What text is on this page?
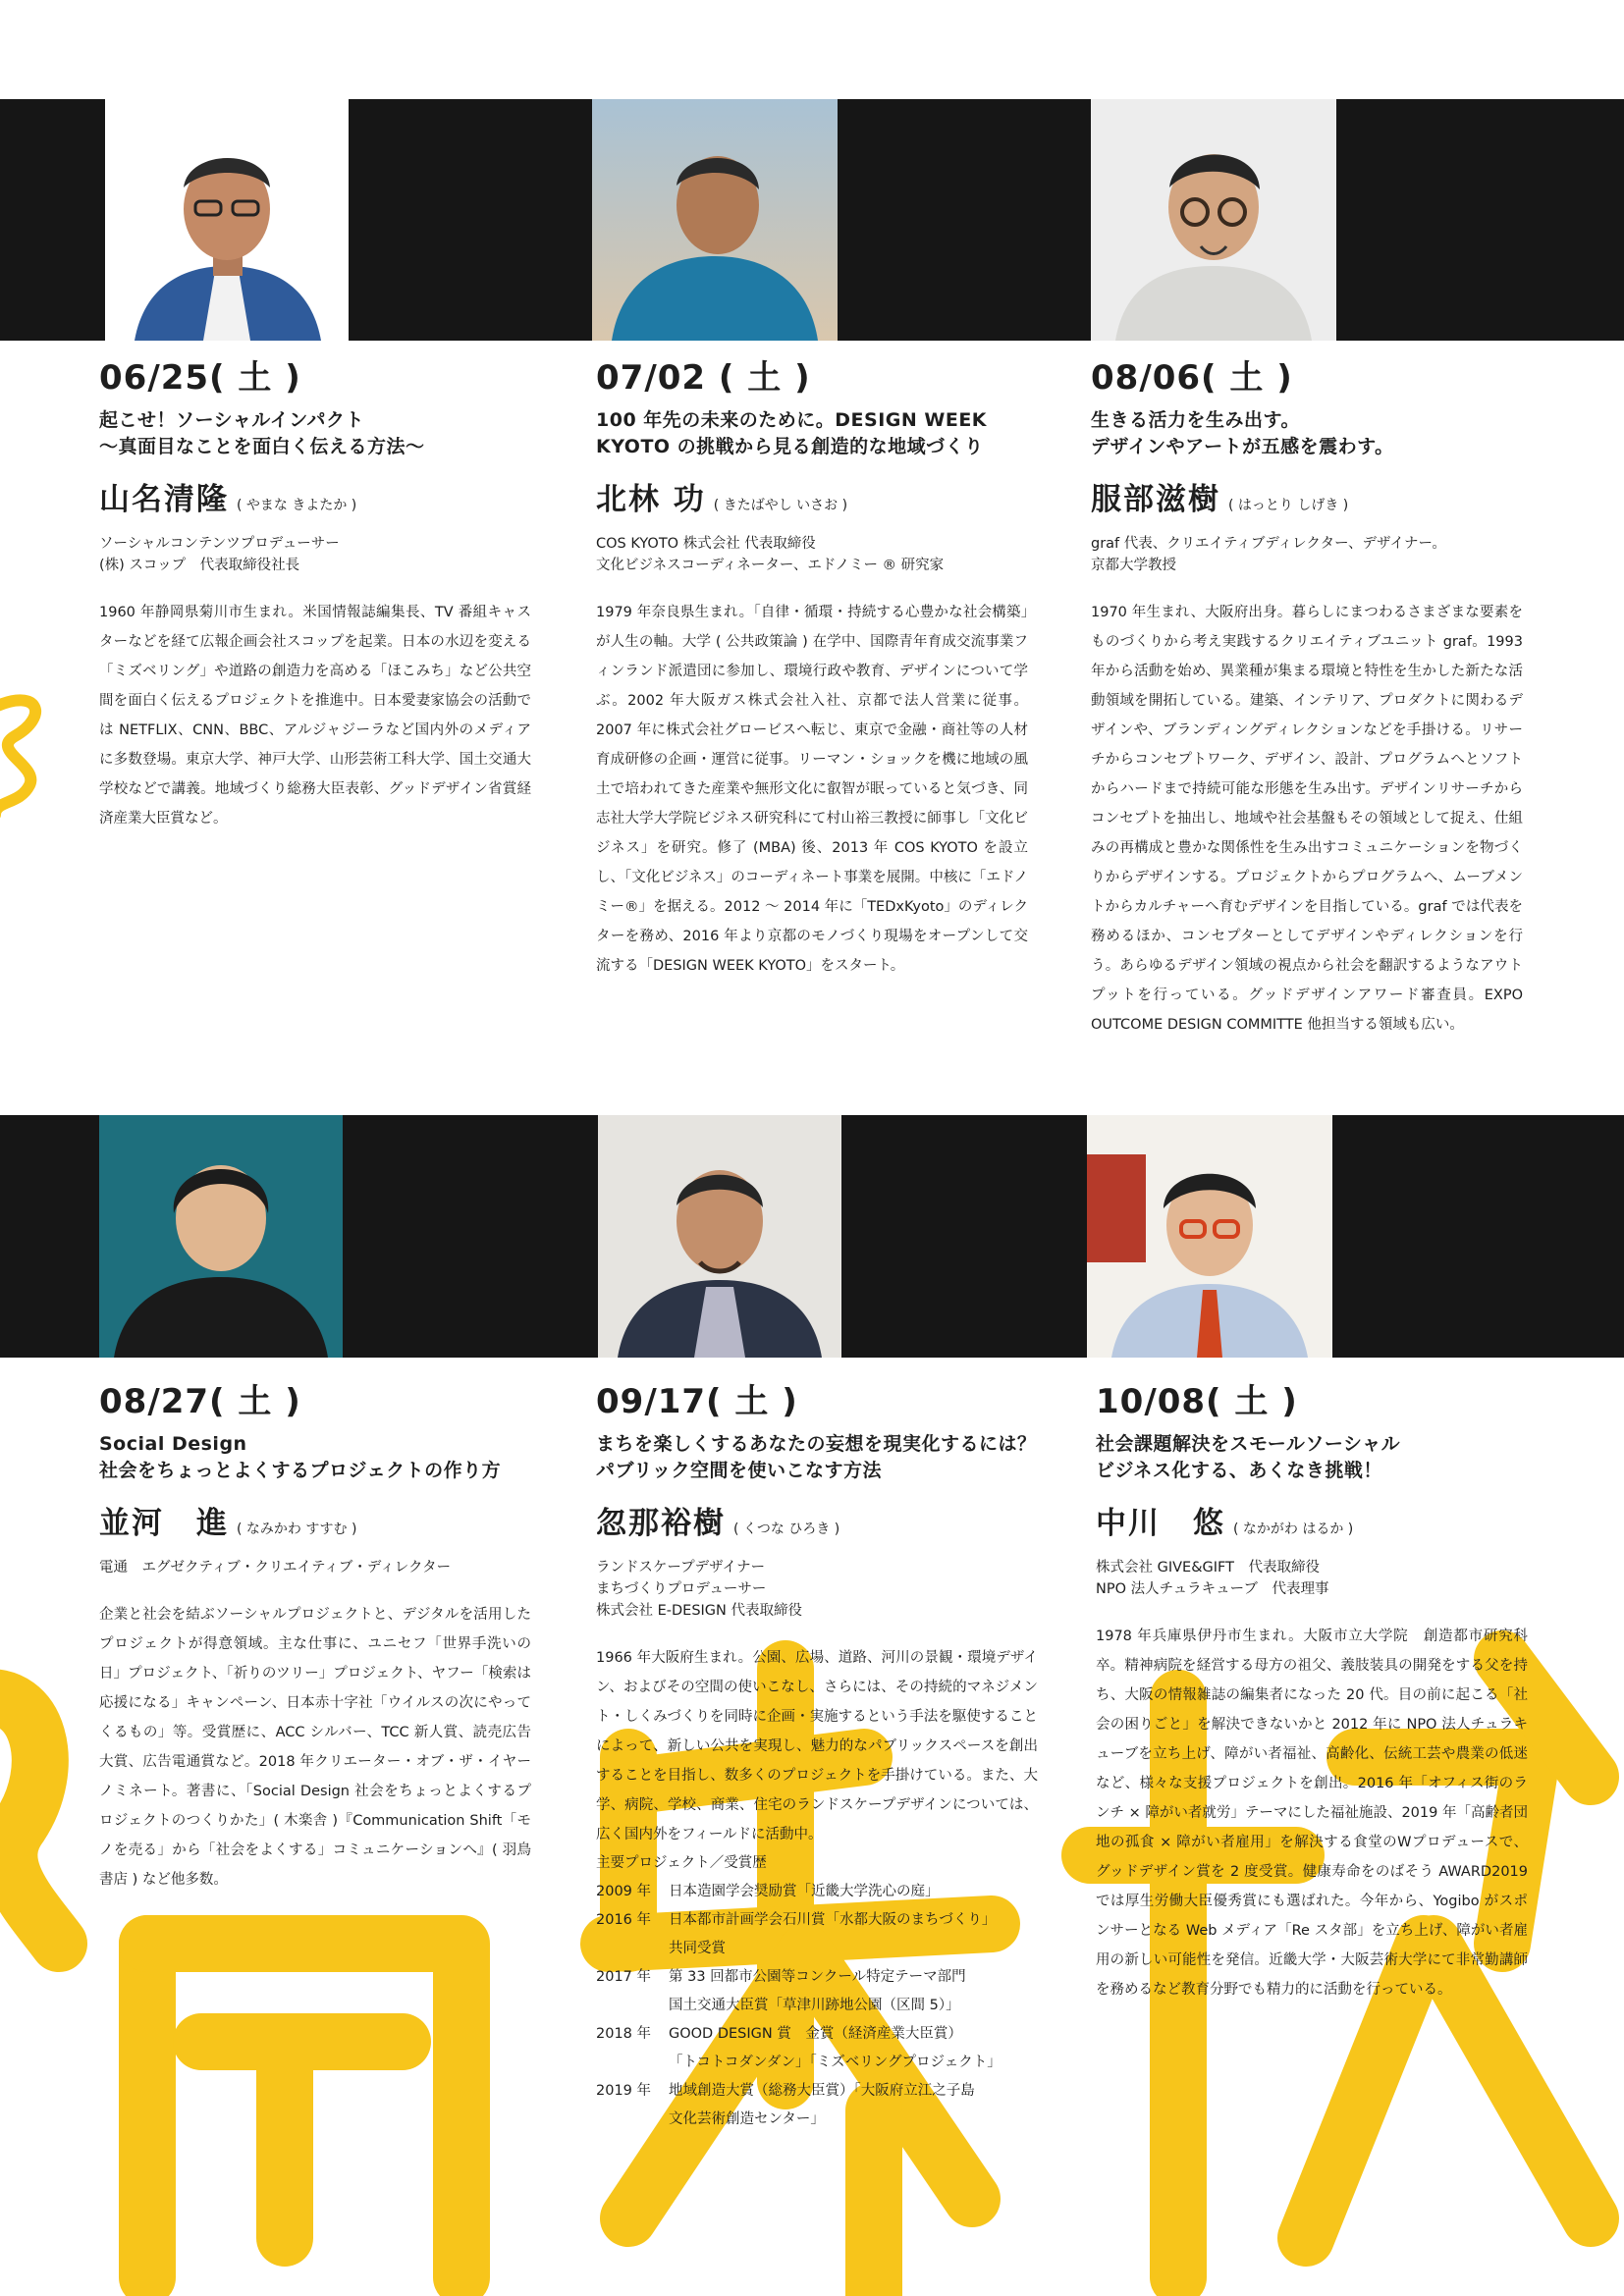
06/25( 土 )

起こせ！ソーシャルインパクト
〜真面目なことを面白く伝える方法〜
山名清隆 ( やまな きよたか )
ソーシャルコンテンツプロデューサー
(株) スコップ　代表取締役社長
1960 年静岡県菊川市生まれ。米国情報誌編集長、TV 番組キャスターなどを経て広報企画会社スコップを起業。日本の水辺を変える「ミズベリング」や道路の創造力を高める「ほこみち」など公共空間を面白く伝えるプロジェクトを推進中。日本愛妻家協会の活動では NETFLIX、CNN、BBC、アルジャジーラなど国内外のメディアに多数登場。東京大学、神戸大学、山形芸術工科大学、国土交通大学校などで講義。地域づくり総務大臣表彰、グッドデザイン省賞経済産業大臣賞など。

07/02 ( 土 )

100 年先の未来のために。DESIGN WEEK
KYOTO の挑戦から見る創造的な地域づくり
北林 功 ( きたばやし いさお )
COS KYOTO 株式会社 代表取締役
文化ビジネスコーディネーター、エドノミー ® 研究家
1979 年奈良県生まれ。「自律・循環・持続する心豊かな社会構築」が人生の軸。大学 ( 公共政策論 ) 在学中、国際青年育成交流事業フィンランド派遣団に参加し、環境行政や教育、デザインについて学ぶ。2002 年大阪ガス株式会社入社、京都で法人営業に従事。2007 年に株式会社グロービスへ転じ、東京で金融・商社等の人材育成研修の企画・運営に従事。リーマン・ショックを機に地域の風土で培われてきた産業や無形文化に叡智が眠っていると気づき、同志社大学大学院ビジネス研究科にて村山裕三教授に師事し「文化ビジネス」を研究。修了 (MBA) 後、2013 年 COS KYOTO を設立し、「文化ビジネス」のコーディネート事業を展開。中核に「エドノミー®」を据える。2012 〜 2014 年に「TEDxKyoto」のディレクターを務め、2016 年より京都のモノづくり現場をオープンして交流する「DESIGN WEEK KYOTO」をスタート。

08/06( 土 )

生きる活力を生み出す。
デザインやアートが五感を震わす。
服部滋樹 ( はっとり しげき )
graf 代表、クリエイティブディレクター、デザイナー。
京都大学教授
1970 年生まれ、大阪府出身。暮らしにまつわるさまざまな要素をものづくりから考え実践するクリエイティブユニット graf。1993 年から活動を始め、異業種が集まる環境と特性を生かした新たな活動領域を開拓している。建築、インテリア、プロダクトに関わるデザインや、ブランディングディレクションなどを手掛ける。リサーチからコンセプトワーク、デザイン、設計、プログラムへとソフトからハードまで持続可能な形態を生み出す。デザインリサーチからコンセプトを抽出し、地域や社会基盤もその領域として捉え、仕組みの再構成と豊かな関係性を生み出すコミュニケーションを物づくりからデザインする。プロジェクトからプログラムへ、ムーブメントからカルチャーへ育むデザインを目指している。graf では代表を務めるほか、コンセプターとしてデザインやディレクションを行う。あらゆるデザイン領域の視点から社会を翻訳するようなアウトプットを行っている。グッドデザインアワード審査員。EXPO OUTCOME DESIGN COMMITTE 他担当する領域も広い。

08/27( 土 )

Social Design
社会をちょっとよくするプロジェクトの作り方
並河　進 ( なみかわ すすむ )
電通　エグゼクティブ・クリエイティブ・ディレクター
企業と社会を結ぶソーシャルプロジェクトと、デジタルを活用したプロジェクトが得意領域。主な仕事に、ユニセフ「世界手洗いの日」プロジェクト、「祈りのツリー」プロジェクト、ヤフー「検索は応援になる」キャンペーン、日本赤十字社「ウイルスの次にやってくるもの」等。受賞歴に、ACC シルバー、TCC 新人賞、読売広告大賞、広告電通賞など。2018 年クリエーター・オブ・ザ・イヤー ノミネート。著書に、「Social Design 社会をちょっとよくするプロジェクトのつくりかた」( 木楽舎 )『Communication Shift「モノを売る」から「社会をよくする」コミュニケーションへ』( 羽鳥書店 ) など他多数。

09/17( 土 )

まちを楽しくするあなたの妄想を現実化するには？
パブリック空間を使いこなす方法
忽那裕樹 ( くつな ひろき )
ランドスケープデザイナー
まちづくりプロデューサー
株式会社 E-DESIGN 代表取締役
1966 年大阪府生まれ。公園、広場、道路、河川の景観・環境デザイン、およびその空間の使いこなし、さらには、その持続的マネジメント・しくみづくりを同時に企画・実施するという手法を駆使することによって、新しい公共を実現し、魅力的なパブリックスペースを創出することを目指し、数多くのプロジェクトを手掛けている。また、大学、病院、学校、商業、住宅のランドスケープデザインについては、広く国内外をフィールドに活動中。
主要プロジェクト／受賞歴
2009 年	日本造園学会奨励賞「近畿大学洗心の庭」

2016 年	日本都市計画学会石川賞「水都大阪のまちづくり」
共同受賞

2017 年	第 33 回都市公園等コンクール特定テーマ部門
国土交通大臣賞「草津川跡地公園（区間 5）」

2018 年	GOOD DESIGN 賞　金賞（経済産業大臣賞）
「トコトコダンダン」「ミズベリングプロジェクト」

2019 年	地域創造大賞（総務大臣賞）「大阪府立江之子島
文化芸術創造センター」

10/08( 土 )

社会課題解決をスモールソーシャル
ビジネス化する、あくなき挑戦！
中川　悠 ( なかがわ はるか )
株式会社 GIVE&GIFT　代表取締役
NPO 法人チュラキューブ　代表理事
1978 年兵庫県伊丹市生まれ。大阪市立大学院　創造都市研究科卒。精神病院を経営する母方の祖父、義肢装具の開発をする父を持ち、大阪の情報雑誌の編集者になった 20 代。目の前に起こる「社会の困りごと」を解決できないかと 2012 年に NPO 法人チュラキューブを立ち上げ、障がい者福祉、高齢化、伝統工芸や農業の低迷など、様々な支援プロジェクトを創出。2016 年「オフィス街のランチ × 障がい者就労」テーマにした福祉施設、2019 年「高齢者団地の孤食 × 障がい者雇用」を解決する食堂のWプロデュースで、グッドデザイン賞を 2 度受賞。健康寿命をのばそう AWARD2019 では厚生労働大臣優秀賞にも選ばれた。今年から、Yogibo がスポンサーとなる Web メディア「Re スタ部」を立ち上げ、障がい者雇用の新しい可能性を発信。近畿大学・大阪芸術大学にて非常勤講師を務めるなど教育分野でも精力的に活動を行っている。
